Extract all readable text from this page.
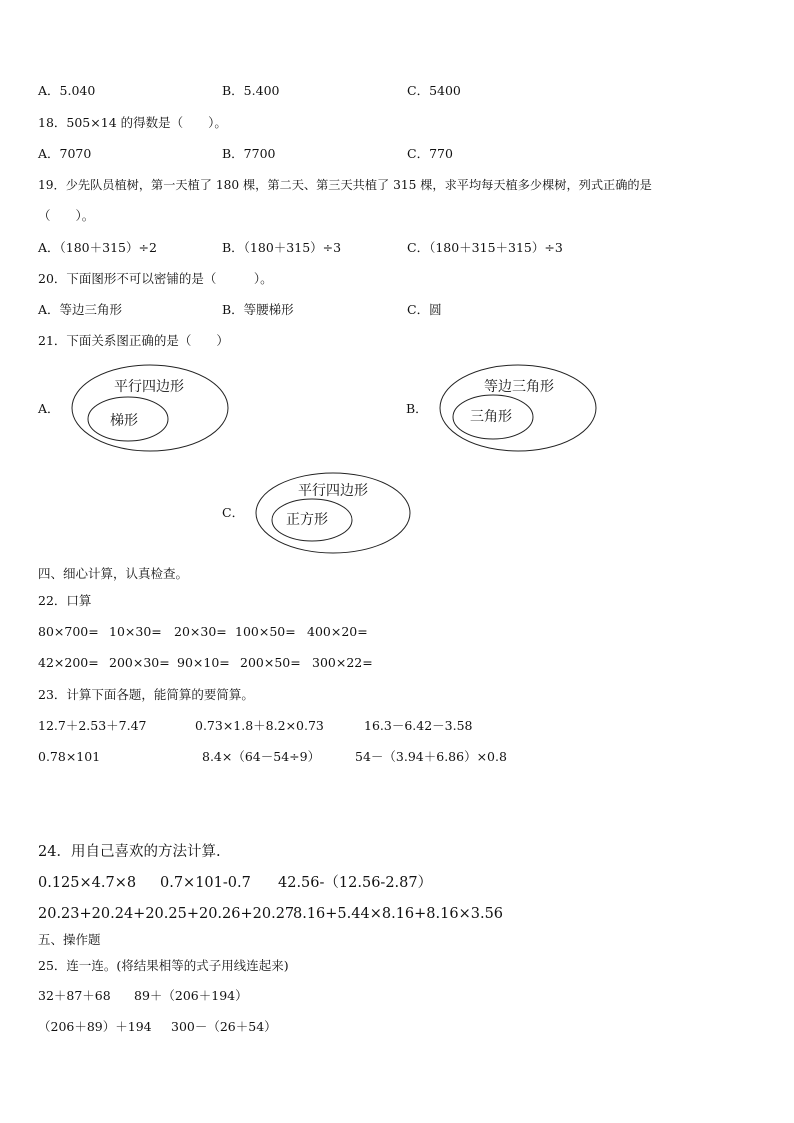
A．5.040	B．5.400	C．5400
18．505×14 的得数是（　　）。
A．7070	B．7700	C．770
19．少先队员植树，第一天植了 180 棵，第二天、第三天共植了 315 棵，求平均每天植多少棵树，列式正确的是
（　　）。
A．（180＋315）÷2	B．（180＋315）÷3	C．（180＋315＋315）÷3
20．下面图形不可以密铺的是（　　　）。
A．等边三角形	B．等腰梯形	C．圆
21．下面关系图正确的是（　　）
A．
平行四边形
梯形
B．
等边三角形
三角形
C．
平行四边形
正方形
四、细心计算，认真检查。
22．口算
80×700= 10×30= 20×30= 100×50= 400×20=
42×200= 200×30= 90×10= 200×50= 300×22=
23．计算下面各题，能简算的要简算。
12.7＋2.53＋7.47	0.73×1.8＋8.2×0.73	16.3－6.42－3.58
0.78×101	8.4×（64－54÷9）	54－（3.94＋6.86）×0.8
24．用自己喜欢的方法计算.
0.125×4.7×8 0.7×101-0.7 42.56-（12.56-2.87）
20.23+20.24+20.25+20.26+20.27
8.16+5.44×8.16+8.16×3.56
五、操作题
25．连一连。(将结果相等的式子用线连起来)
32＋87＋68 89＋（206＋194）
（206＋89）＋194 300－（26＋54）
